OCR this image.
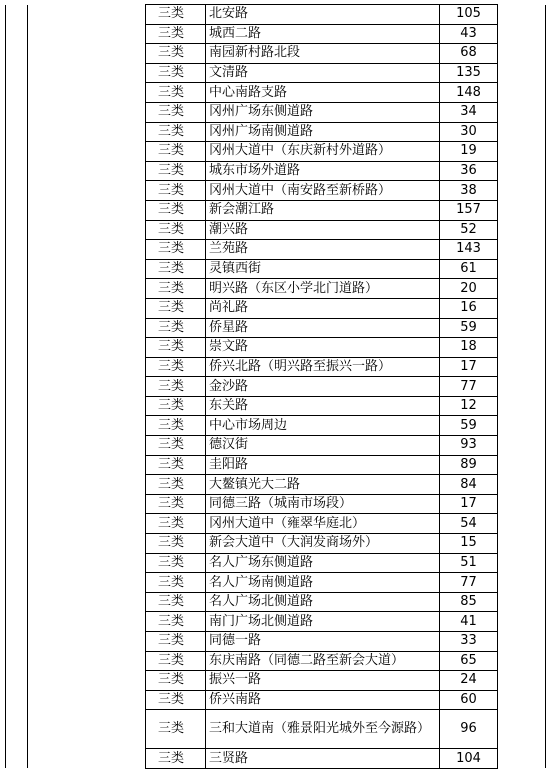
		三类	北安路	105	
		三类	城西二路	43	
		三类	南园新村路北段	68	
		三类	文清路	135	
		三类	中心南路支路	148	
		三类	冈州广场东侧道路	34	
		三类	冈州广场南侧道路	30	
		三类	冈州大道中（东庆新村外道路）	19	
		三类	城东市场外道路	36	
		三类	冈州大道中（南安路至新桥路）	38	
		三类	新会潮江路	157	
		三类	潮兴路	52	
		三类	兰苑路	143	
		三类	灵镇西街	61	
		三类	明兴路（东区小学北门道路）	20	
		三类	尚礼路	16	
		三类	侨星路	59	
		三类	崇文路	18	
		三类	侨兴北路（明兴路至振兴一路）	17	
		三类	金沙路	77	
		三类	东关路	12	
		三类	中心市场周边	59	
		三类	德汉街	93	
		三类	圭阳路	89	
		三类	大鳌镇光大二路	84	
		三类	同德三路（城南市场段）	17	
		三类	冈州大道中（雍翠华庭北）	54	
		三类	新会大道中（大润发商场外）	15	
		三类	名人广场东侧道路	51	
		三类	名人广场南侧道路	77	
		三类	名人广场北侧道路	85	
		三类	南门广场北侧道路	41	
		三类	同德一路	33	
		三类	东庆南路（同德二路至新会大道）	65	
		三类	振兴一路	24	
		三类	侨兴南路	60	
		三类	三和大道南（雅景阳光城外至今源路）	96	
		三类	三贤路	104	
